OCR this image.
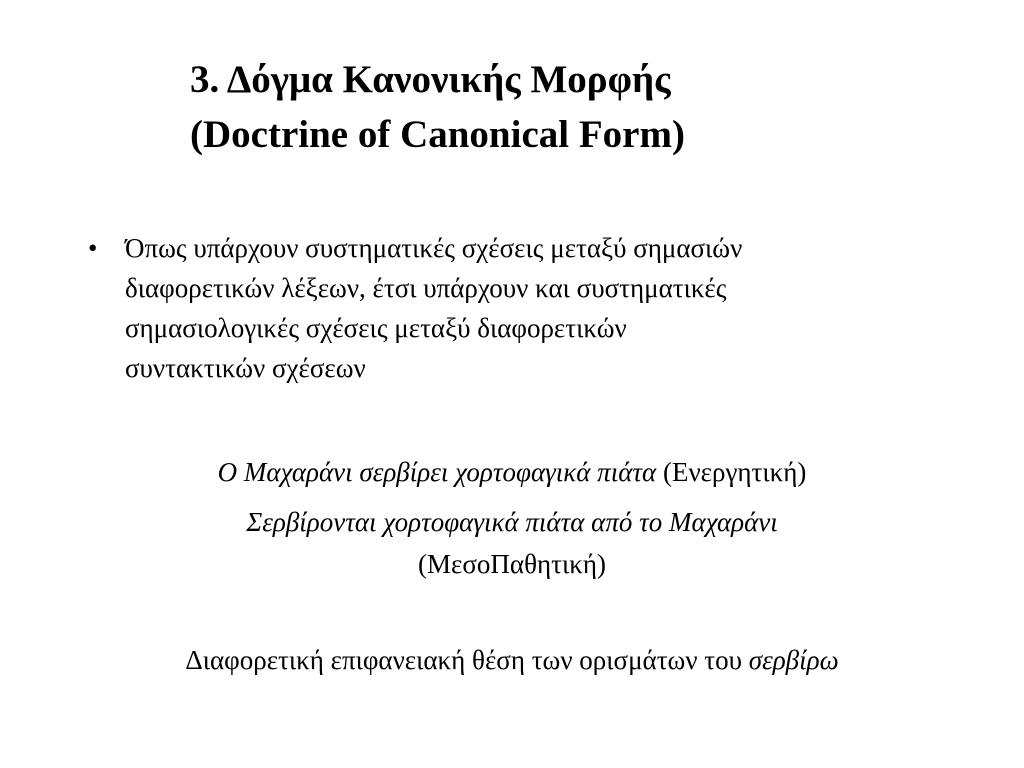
3. Δόγμα Κανονικής Μορφής
(Doctrine of Canonical Form)
•	Όπως υπάρχουν συστηματικές σχέσεις μεταξύ σημασιών
διαφορετικών λέξεων, έτσι υπάρχουν και συστηματικές
σημασιολογικές σχέσεις μεταξύ διαφορετικών
συντακτικών σχέσεων
Ο Μαχαράνι σερβίρει χορτοφαγικά πιάτα (Ενεργητική)
Σερβίρονται χορτοφαγικά πιάτα από το Μαχαράνι
(ΜεσοΠαθητική)
Διαφορετική επιφανειακή θέση των ορισμάτων του σερβίρω
